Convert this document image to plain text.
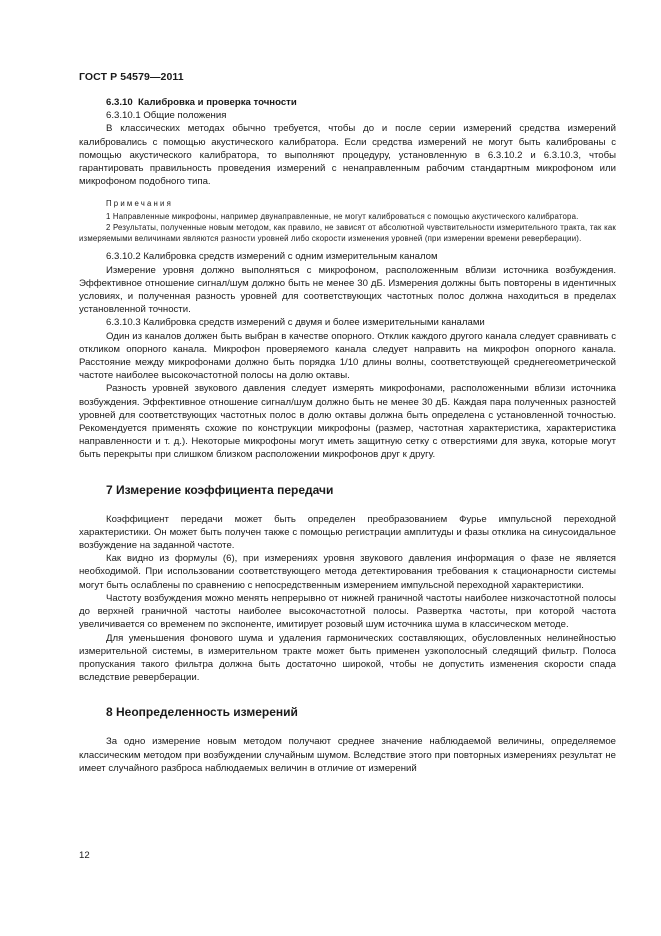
ГОСТ Р 54579—2011

6.3.10 Калибровка и проверка точности

6.3.10.1 Общие положения

В классических методах обычно требуется, чтобы до и после серии измерений средства измерений калибровались с помощью акустического калибратора. Если средства измерений не могут быть калиброваны с помощью акустического калибратора, то выполняют процедуру, установленную в 6.3.10.2 и 6.3.10.3, чтобы гарантировать правильность проведения измерений с ненаправленным рабочим стандартным микрофоном или микрофоном подобного типа.

Примечания

1 Направленные микрофоны, например двунаправленные, не могут калиброваться с помощью акустического калибратора.

2 Результаты, полученные новым методом, как правило, не зависят от абсолютной чувствительности измерительного тракта, так как измеряемыми величинами являются разности уровней либо скорости изменения уровней (при измерении времени реверберации).

6.3.10.2 Калибровка средств измерений с одним измерительным каналом

Измерение уровня должно выполняться с микрофоном, расположенным вблизи источника возбуждения. Эффективное отношение сигнал/шум должно быть не менее 30 дБ. Измерения должны быть повторены в идентичных условиях, и полученная разность уровней для соответствующих частотных полос должна находиться в пределах установленной точности.

6.3.10.3 Калибровка средств измерений с двумя и более измерительными каналами

Один из каналов должен быть выбран в качестве опорного. Отклик каждого другого канала следует сравнивать с откликом опорного канала. Микрофон проверяемого канала следует направить на микрофон опорного канала. Расстояние между микрофонами должно быть порядка 1/10 длины волны, соответствующей среднегеометрической частоте наиболее высокочастотной полосы на долю октавы.

Разность уровней звукового давления следует измерять микрофонами, расположенными вблизи источника возбуждения. Эффективное отношение сигнал/шум должно быть не менее 30 дБ. Каждая пара полученных разностей уровней для соответствующих частотных полос в долю октавы должна быть определена с установленной точностью. Рекомендуется применять схожие по конструкции микрофоны (размер, частотная характеристика, характеристика направленности и т. д.). Некоторые микрофоны могут иметь защитную сетку с отверстиями для звука, которые могут быть перекрыты при слишком близком расположении микрофонов друг к другу.

7 Измерение коэффициента передачи

Коэффициент передачи может быть определен преобразованием Фурье импульсной переходной характеристики. Он может быть получен также с помощью регистрации амплитуды и фазы отклика на синусоидальное возбуждение на заданной частоте.

Как видно из формулы (6), при измерениях уровня звукового давления информация о фазе не является необходимой. При использовании соответствующего метода детектирования требования к стационарности системы могут быть ослаблены по сравнению с непосредственным измерением импульсной переходной характеристики.

Частоту возбуждения можно менять непрерывно от нижней граничной частоты наиболее низкочастотной полосы до верхней граничной частоты наиболее высокочастотной полосы. Развертка частоты, при которой частота увеличивается со временем по экспоненте, имитирует розовый шум источника шума в классическом методе.

Для уменьшения фонового шума и удаления гармонических составляющих, обусловленных нелинейностью измерительной системы, в измерительном тракте может быть применен узкополосный следящий фильтр. Полоса пропускания такого фильтра должна быть достаточно широкой, чтобы не допустить изменения скорости спада вследствие реверберации.

8 Неопределенность измерений

За одно измерение новым методом получают среднее значение наблюдаемой величины, определяемое классическим методом при возбуждении случайным шумом. Вследствие этого при повторных измерениях результат не имеет случайного разброса наблюдаемых величин в отличие от измерений

12
